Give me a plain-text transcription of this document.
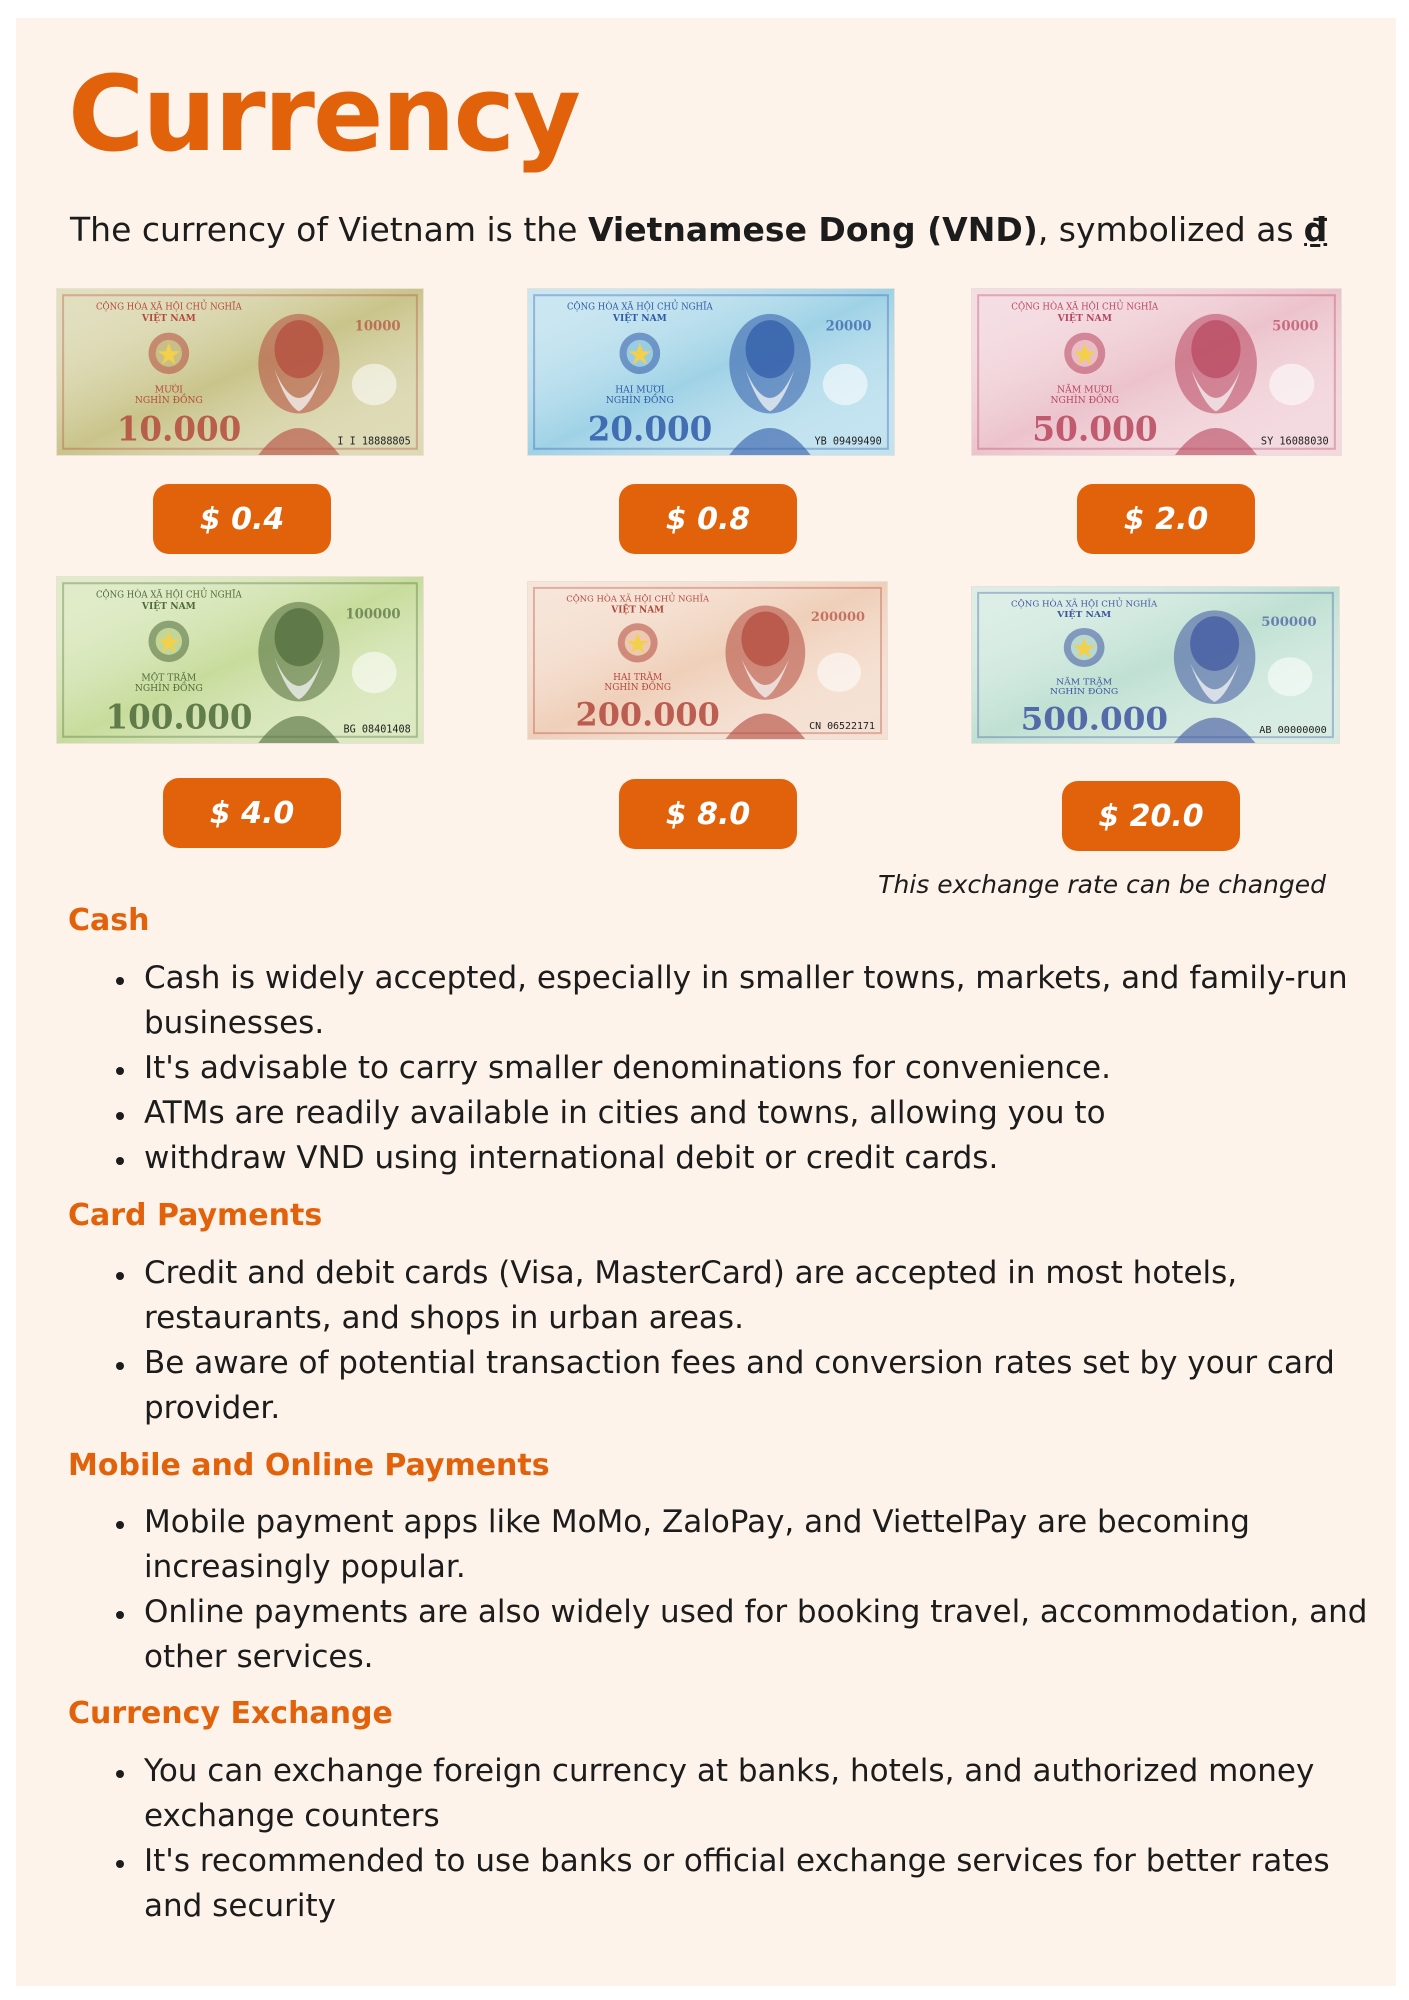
Currency

The currency of Vietnam is the Vietnamese Dong (VND), symbolized as ₫

CỘNG HÒA XÃ HỘI CHỦ NGHĨA
VIỆT NAM
MƯỜI
NGHÌN ĐỒNG
10.000
10000
I I 18888805
CỘNG HÒA XÃ HỘI CHỦ NGHĨA
VIỆT NAM
HAI MƯƠI
NGHÌN ĐỒNG
20.000
20000
YB 09499490
CỘNG HÒA XÃ HỘI CHỦ NGHĨA
VIỆT NAM
NĂM MƯƠI
NGHÌN ĐỒNG
50.000
50000
SY 16088030
CỘNG HÒA XÃ HỘI CHỦ NGHĨA
VIỆT NAM
MỘT TRĂM
NGHÌN ĐỒNG
100.000
100000
BG 08401408
CỘNG HÒA XÃ HỘI CHỦ NGHĨA
VIỆT NAM
HAI TRĂM
NGHÌN ĐỒNG
200.000
200000
CN 06522171
CỘNG HÒA XÃ HỘI CHỦ NGHĨA
VIỆT NAM
NĂM TRĂM
NGHÌN ĐỒNG
500.000
500000
AB 00000000
$ 0.4	$ 0.8	$ 2.0
$ 4.0	$ 8.0	$ 20.0

This exchange rate can be changed

Cash
• Cash is widely accepted, especially in smaller towns, markets, and family-run businesses.
• It's advisable to carry smaller denominations for convenience.
• ATMs are readily available in cities and towns, allowing you to
• withdraw VND using international debit or credit cards.
Card Payments
• Credit and debit cards (Visa, MasterCard) are accepted in most hotels, restaurants, and shops in urban areas.
• Be aware of potential transaction fees and conversion rates set by your card provider.
Mobile and Online Payments
• Mobile payment apps like MoMo, ZaloPay, and ViettelPay are becoming increasingly popular.
• Online payments are also widely used for booking travel, accommodation, and other services.
Currency Exchange
• You can exchange foreign currency at banks, hotels, and authorized money exchange counters
• It's recommended to use banks or official exchange services for better rates and security
